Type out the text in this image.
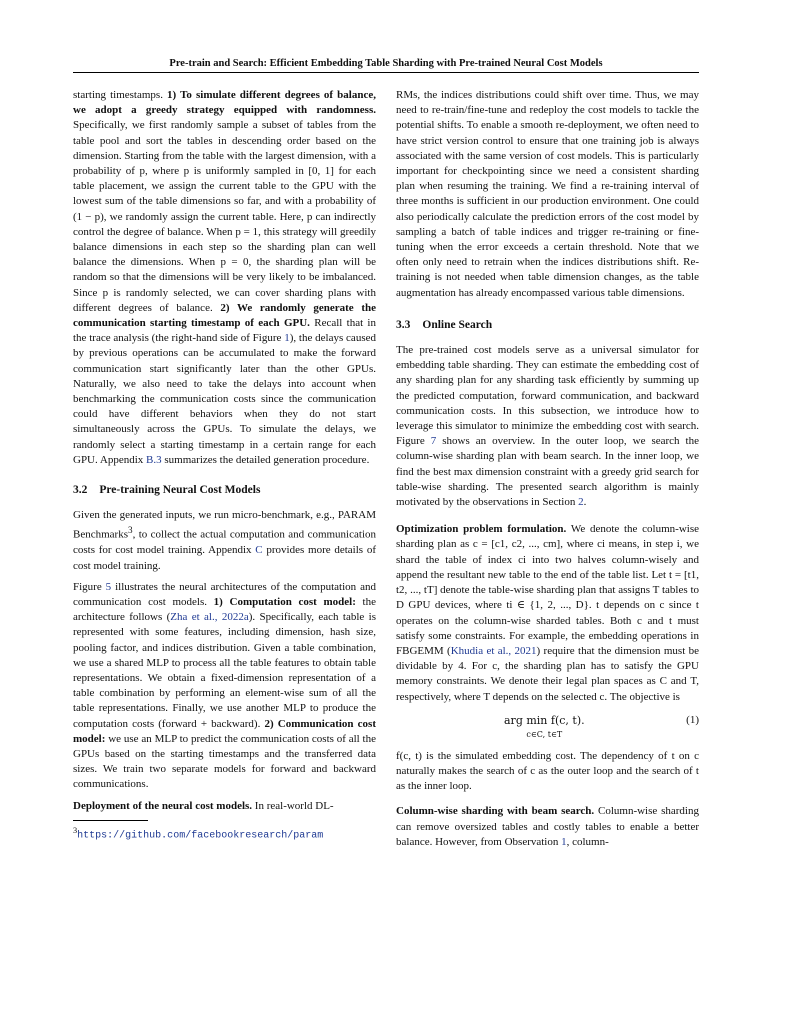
Pre-train and Search: Efficient Embedding Table Sharding with Pre-trained Neural Cost Models

starting timestamps. 1) To simulate different degrees of balance, we adopt a greedy strategy equipped with randomness. Specifically, we first randomly sample a subset of tables from the table pool and sort the tables in descending order based on the dimension. Starting from the table with the largest dimension, with a probability of p, where p is uniformly sampled in [0, 1] for each table placement, we assign the current table to the GPU with the lowest sum of the table dimensions so far, and with a probability of (1 − p), we randomly assign the current table. Here, p can indirectly control the degree of balance. When p = 1, this strategy will greedily balance dimensions in each step so the sharding plan can well balance the dimensions. When p = 0, the sharding plan will be random so that the dimensions will be very likely to be imbalanced. Since p is randomly selected, we can cover sharding plans with different degrees of balance. 2) We randomly generate the communication starting timestamp of each GPU. Recall that in the trace analysis (the right-hand side of Figure 1), the delays caused by previous operations can be accumulated to make the forward communication start significantly later than the other GPUs. Naturally, we also need to take the delays into account when benchmarking the communication costs since the communication could have different behaviors when they do not start simultaneously across the GPUs. To simulate the delays, we randomly select a starting timestamp in a certain range for each GPU. Appendix B.3 summarizes the detailed generation procedure.

3.2 Pre-training Neural Cost Models

Given the generated inputs, we run micro-benchmark, e.g., PARAM Benchmarks$^3$, to collect the actual computation and communication costs for cost model training. Appendix C provides more details of cost model training.

Figure 5 illustrates the neural architectures of the computation and communication cost models. 1) Computation cost model: the architecture follows (Zha et al., 2022a). Specifically, each table is represented with some features, including dimension, hash size, pooling factor, and indices distribution. Given a table combination, we use a shared MLP to process all the table features to obtain table representations. We obtain a fixed-dimension representation of a table combination by performing an element-wise sum of all the table representations. Finally, we use another MLP to produce the computation costs (forward + backward). 2) Communication cost model: we use an MLP to predict the communication costs of all the GPUs based on the starting timestamps and the transferred data sizes. We train two separate models for forward and backward communications.

Deployment of the neural cost models. In real-world DL-

$^3$https://github.com/facebookresearch/param

RMs, the indices distributions could shift over time. Thus, we may need to re-train/fine-tune and redeploy the cost models to tackle the potential shifts. To enable a smooth re-deployment, we often need to have strict version control to ensure that one training job is always associated with the same version of cost models. This is particularly important for checkpointing since we need a consistent sharding plan when resuming the training. We find a re-training interval of three months is sufficient in our production environment. One could also periodically calculate the prediction errors of the cost model by sampling a batch of table indices and trigger re-training or fine-tuning when the error exceeds a certain threshold. Note that we often only need to retrain when the indices distributions shift. Re-training is not needed when table dimension changes, as the table augmentation has already encompassed various table dimensions.

3.3 Online Search

The pre-trained cost models serve as a universal simulator for embedding table sharding. They can estimate the embedding cost of any sharding plan for any sharding task efficiently by summing up the predicted computation, forward communication, and backward communication costs. In this subsection, we introduce how to leverage this simulator to minimize the embedding cost with search. Figure 7 shows an overview. In the outer loop, we search the column-wise sharding plan with beam search. In the inner loop, we find the best max dimension constraint with a greedy grid search for table-wise sharding. The presented search algorithm is mainly motivated by the observations in Section 2.

Optimization problem formulation. We denote the column-wise sharding plan as c = [c1, c2, ..., cm], where ci means, in step i, we shard the table of index ci into two halves column-wisely and append the resultant new table to the end of the table list. Let t = [t1, t2, ..., tT] denote the table-wise sharding plan that assigns T tables to D GPU devices, where ti ∈ {1, 2, ..., D}. t depends on c since t operates on the column-wise sharded tables. Both c and t must satisfy some constraints. For example, the embedding operations in FBGEMM (Khudia et al., 2021) require that the dimension must be dividable by 4. For c, the sharding plan has to satisfy the GPU memory constraints. We denote their legal plan spaces as C and T, respectively, where T depends on the selected c. The objective is

arg min f(c, t).
c∈C, t∈T
(1)

f(c, t) is the simulated embedding cost. The dependency of t on c naturally makes the search of c as the outer loop and the search of t as the inner loop.

Column-wise sharding with beam search. Column-wise sharding can remove oversized tables and costly tables to enable a better balance. However, from Observation 1, column-
